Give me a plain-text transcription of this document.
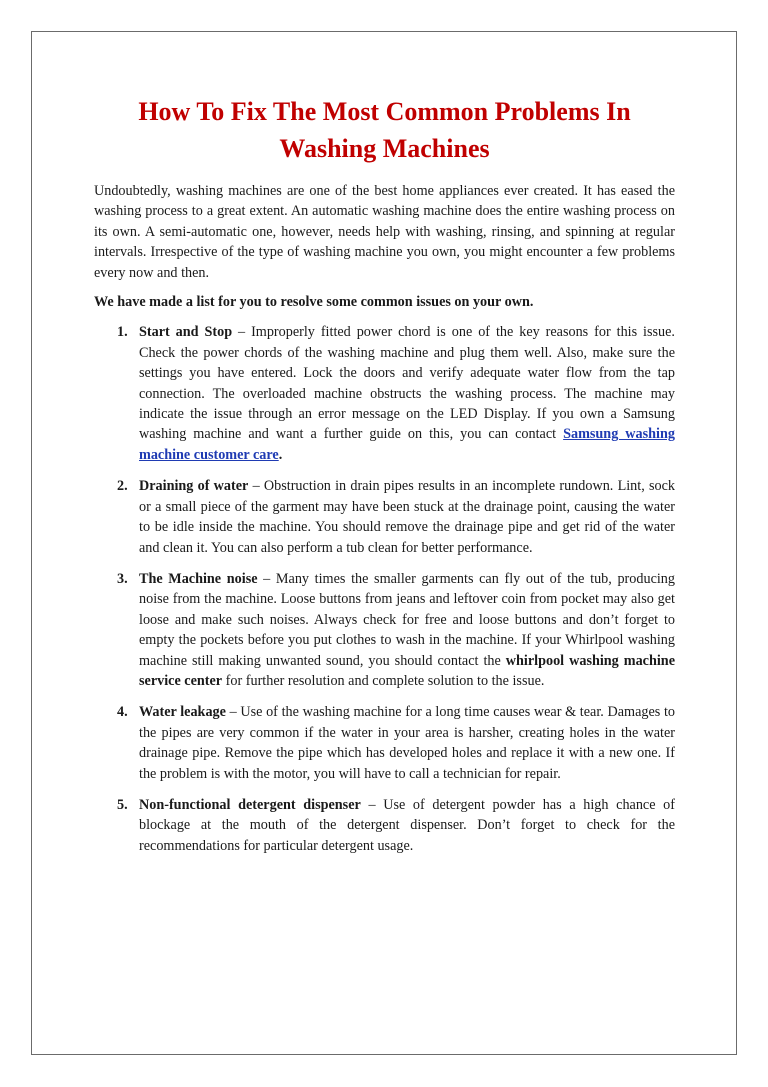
How To Fix The Most Common Problems In Washing Machines

Undoubtedly, washing machines are one of the best home appliances ever created. It has eased the washing process to a great extent. An automatic washing machine does the entire washing process on its own. A semi-automatic one, however, needs help with washing, rinsing, and spinning at regular intervals. Irrespective of the type of washing machine you own, you might encounter a few problems every now and then.

We have made a list for you to resolve some common issues on your own.

1. Start and Stop – Improperly fitted power chord is one of the key reasons for this issue. Check the power chords of the washing machine and plug them well. Also, make sure the settings you have entered. Lock the doors and verify adequate water flow from the tap connection. The overloaded machine obstructs the washing process. The machine may indicate the issue through an error message on the LED Display. If you own a Samsung washing machine and want a further guide on this, you can contact Samsung washing machine customer care.
2. Draining of water – Obstruction in drain pipes results in an incomplete rundown. Lint, sock or a small piece of the garment may have been stuck at the drainage point, causing the water to be idle inside the machine. You should remove the drainage pipe and get rid of the water and clean it. You can also perform a tub clean for better performance.
3. The Machine noise – Many times the smaller garments can fly out of the tub, producing noise from the machine. Loose buttons from jeans and leftover coin from pocket may also get loose and make such noises. Always check for free and loose buttons and don’t forget to empty the pockets before you put clothes to wash in the machine. If your Whirlpool washing machine still making unwanted sound, you should contact the whirlpool washing machine service center for further resolution and complete solution to the issue.
4. Water leakage – Use of the washing machine for a long time causes wear & tear. Damages to the pipes are very common if the water in your area is harsher, creating holes in the water drainage pipe. Remove the pipe which has developed holes and replace it with a new one. If the problem is with the motor, you will have to call a technician for repair.
5. Non-functional detergent dispenser – Use of detergent powder has a high chance of blockage at the mouth of the detergent dispenser. Don’t forget to check for the recommendations for particular detergent usage.
